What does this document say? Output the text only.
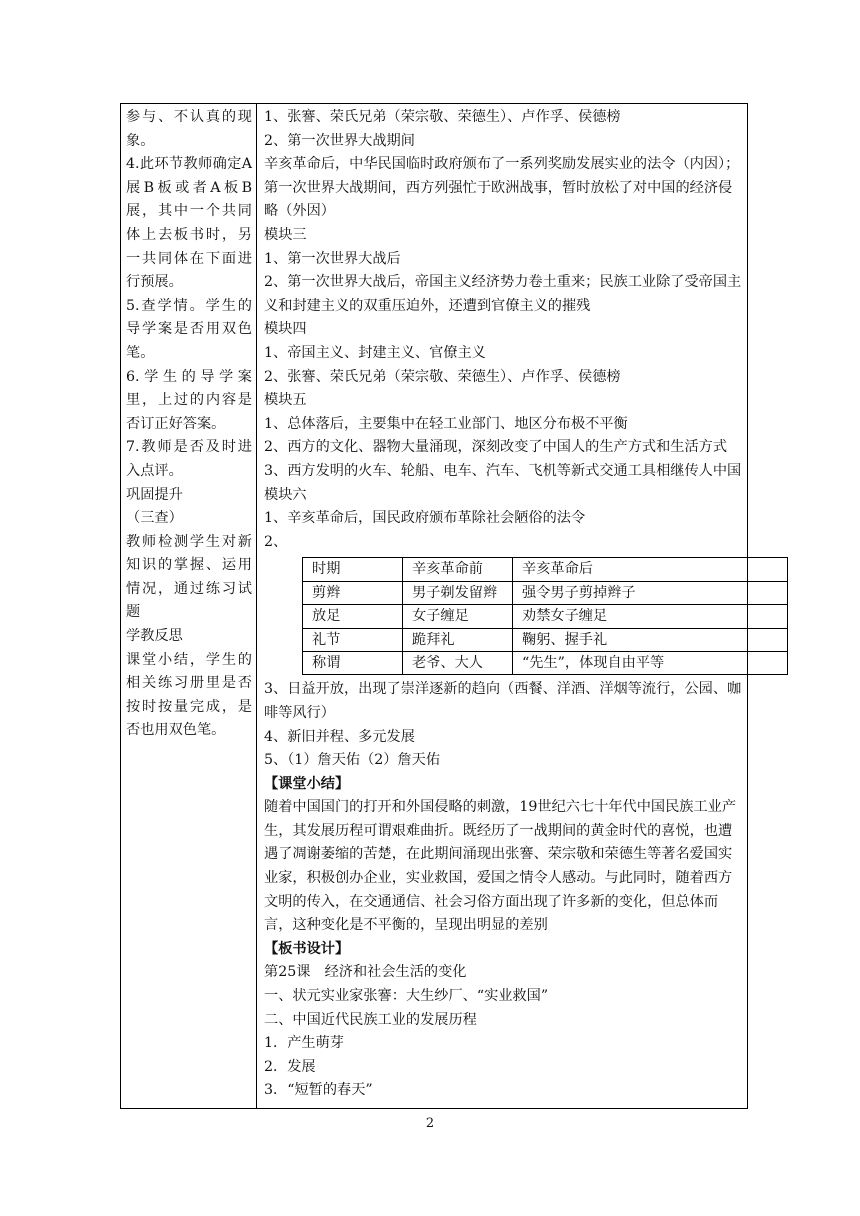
参与、不认真的现象。
4.此环节教师确定A展B板或者A板B展，其中一个共同体上去板书时，另一共同体在下面进行预展。
5.查学情。学生的导学案是否用双色笔。
6.学生的导学案里，上过的内容是否订正好答案。
7.教师是否及时进入点评。
巩固提升
（三查）
教师检测学生对新知识的掌握、运用情况，通过练习试题
学教反思
课堂小结，学生的相关练习册里是否按时按量完成，是否也用双色笔。

1、张謇、荣氏兄弟（荣宗敬、荣德生）、卢作孚、侯德榜
2、第一次世界大战期间
辛亥革命后，中华民国临时政府颁布了一系列奖励发展实业的法令（内因）；第一次世界大战期间，西方列强忙于欧洲战事，暂时放松了对中国的经济侵略（外因）
模块三
1、第一次世界大战后
2、第一次世界大战后，帝国主义经济势力卷土重来；民族工业除了受帝国主义和封建主义的双重压迫外，还遭到官僚主义的摧残
模块四
1、帝国主义、封建主义、官僚主义
2、张謇、荣氏兄弟（荣宗敬、荣德生）、卢作孚、侯德榜
模块五
1、总体落后，主要集中在轻工业部门、地区分布极不平衡
2、西方的文化、器物大量涌现，深刻改变了中国人的生产方式和生活方式
3、西方发明的火车、轮船、电车、汽车、飞机等新式交通工具相继传人中国
模块六
1、辛亥革命后，国民政府颁布革除社会陋俗的法令
2、
时期	辛亥革命前	辛亥革命后
剪辫	男子剃发留辫	强令男子剪掉辫子
放足	女子缠足	劝禁女子缠足
礼节	跪拜礼	鞠躬、握手礼
称谓	老爷、大人	“先生”，体现自由平等
3、日益开放，出现了崇洋逐新的趋向（西餐、洋酒、洋烟等流行，公园、咖啡等风行）
4、新旧并程、多元发展
5、（1）詹天佑（2）詹天佑
【课堂小结】
随着中国国门的打开和外国侵略的刺激，19世纪六七十年代中国民族工业产生，其发展历程可谓艰难曲折。既经历了一战期间的黄金时代的喜悦，也遭遇了凋谢萎缩的苦楚，在此期间涌现出张謇、荣宗敬和荣德生等著名爱国实业家，积极创办企业，实业救国，爱国之情令人感动。与此同时，随着西方文明的传入，在交通通信、社会习俗方面出现了许多新的变化，但总体而言，这种变化是不平衡的，呈现出明显的差别
【板书设计】
第25课　经济和社会生活的变化
一、状元实业家张謇：大生纱厂、“实业救国”
二、中国近代民族工业的发展历程
1．产生萌芽
2．发展
3．“短暂的春天”
2
